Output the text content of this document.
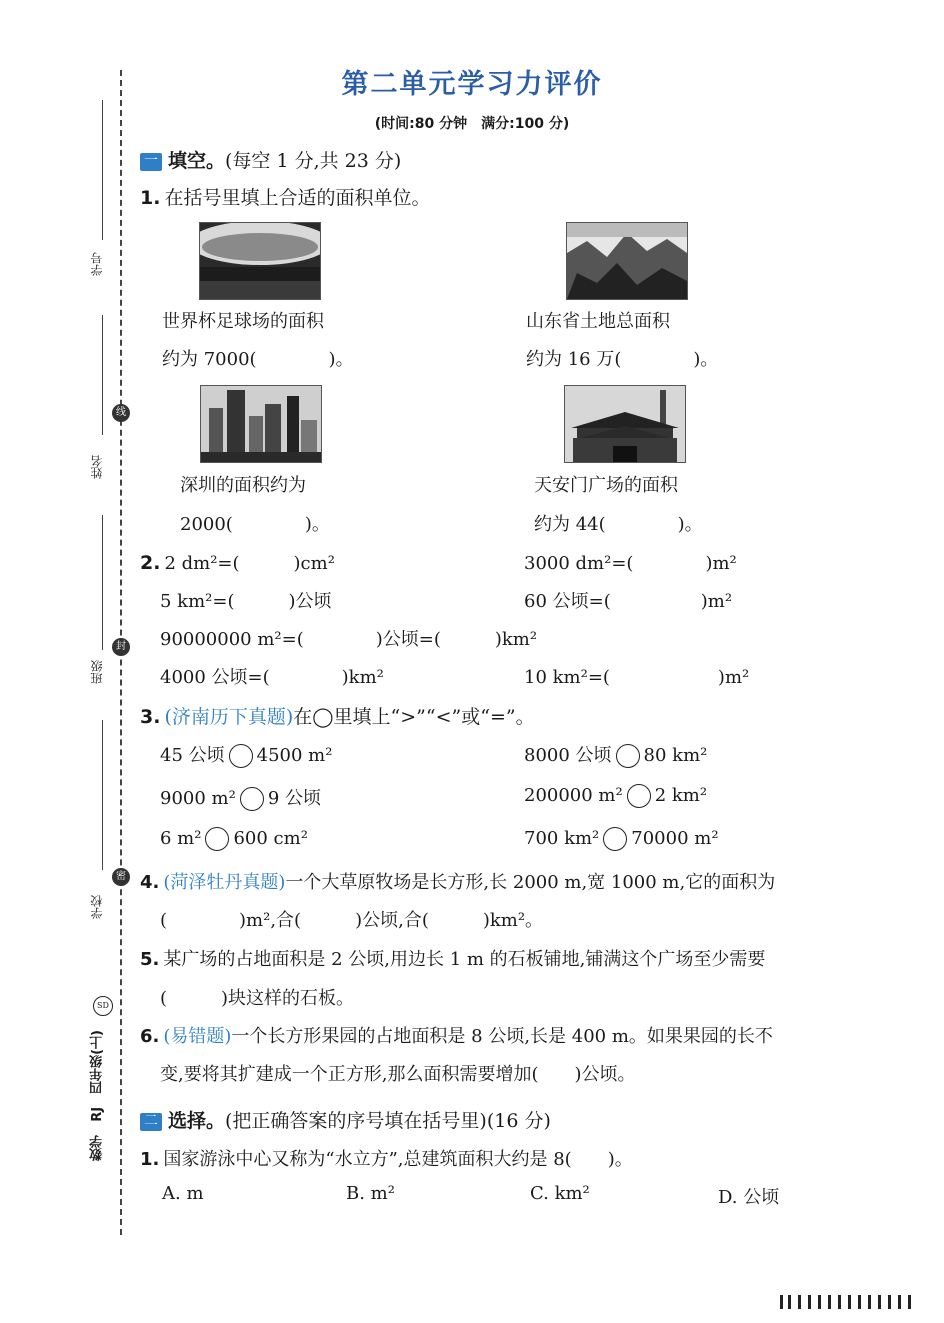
学号
线
姓名
封
班级
密
学校
数学　RJ　四年级(上)
SD
第二单元学习力评价
(时间:80 分钟　满分:100 分)
一 填空。(每空 1 分,共 23 分)
1. 在括号里填上合适的面积单位。
世界杯足球场的面积
约为 7000(　　　　)。
山东省土地总面积
约为 16 万(　　　　)。
深圳的面积约为
2000(　　　　)。
天安门广场的面积
约为 44(　　　　)。
2. 2 dm²=(　　　)cm²	3000 dm²=(　　　　)m²
5 km²=(　　　)公顷	60 公顷=(　　　　　)m²
90000000 m²=(　　　　)公顷=(　　　)km²
4000 公顷=(　　　　)km²	10 km²=(　　　　　　)m²
3. (济南历下真题)在◯里填上“>”“<”或“=”。
45 公顷 4500 m²	8000 公顷 80 km²
9000 m² 9 公顷	200000 m² 2 km²
6 m² 600 cm²	700 km² 70000 m²
4. (菏泽牡丹真题)一个大草原牧场是长方形,长 2000 m,宽 1000 m,它的面积为
(　　　　)m²,合(　　　)公顷,合(　　　)km²。
5. 某广场的占地面积是 2 公顷,用边长 1 m 的石板铺地,铺满这个广场至少需要
(　　　)块这样的石板。
6. (易错题)一个长方形果园的占地面积是 8 公顷,长是 400 m。如果果园的长不
变,要将其扩建成一个正方形,那么面积需要增加(　　)公顷。
二 选择。(把正确答案的序号填在括号里)(16 分)
1. 国家游泳中心又称为“水立方”,总建筑面积大约是 8(　　)。
A. m	B. m²	C. km²	D. 公顷
